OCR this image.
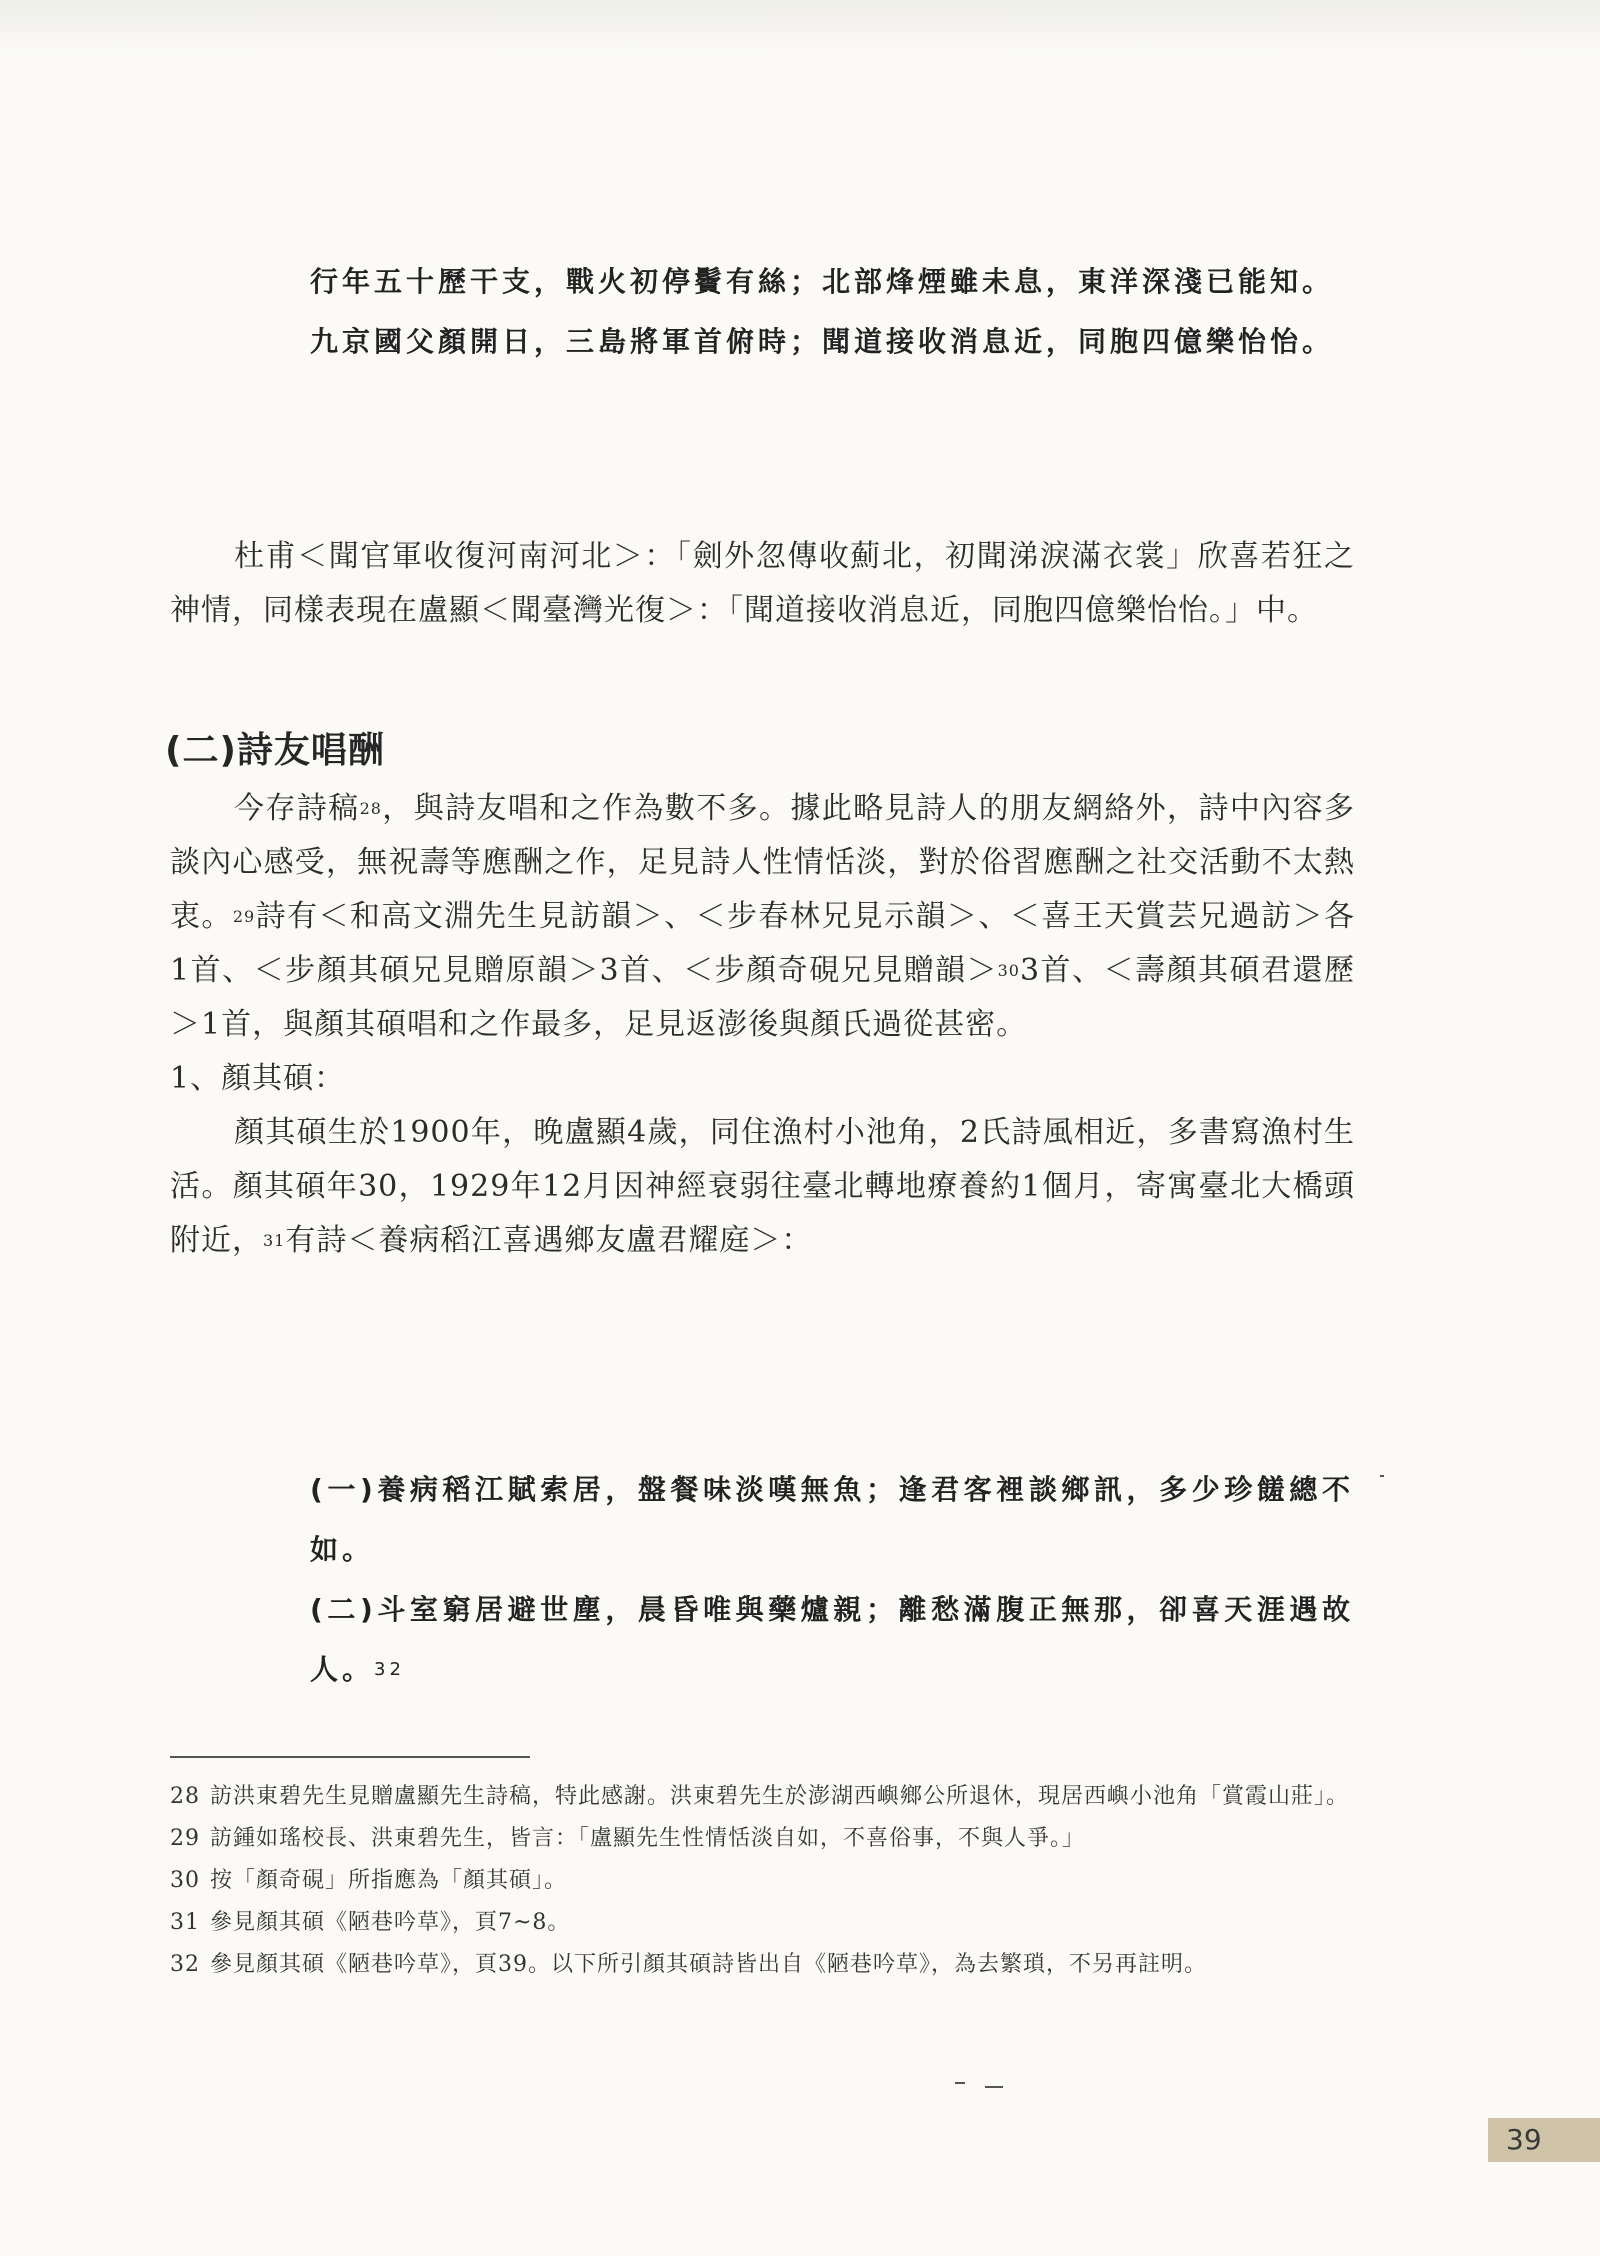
行年五十歷干支，戰火初停鬢有絲；北部烽煙雖未息，東洋深淺已能知。

九京國父顏開日，三島將軍首俯時；聞道接收消息近，同胞四億樂怡怡。

杜甫＜聞官軍收復河南河北＞：「劍外忽傳收薊北，初聞涕淚滿衣裳」欣喜若狂之神情，同樣表現在盧顯＜聞臺灣光復＞：「聞道接收消息近，同胞四億樂怡怡。」中。

(二)詩友唱酬

今存詩稿$^{28}$，與詩友唱和之作為數不多。據此略見詩人的朋友網絡外，詩中內容多談內心感受，無祝壽等應酬之作，足見詩人性情恬淡，對於俗習應酬之社交活動不太熱衷。$^{29}$詩有＜和高文淵先生見訪韻＞、＜步春林兄見示韻＞、＜喜王天賞芸兄過訪＞各1首、＜步顏其碩兄見贈原韻＞3首、＜步顏奇硯兄見贈韻＞$^{30}$3首、＜壽顏其碩君還歷＞1首，與顏其碩唱和之作最多，足見返澎後與顏氏過從甚密。

1、顏其碩：

顏其碩生於1900年，晚盧顯4歲，同住漁村小池角，2氏詩風相近，多書寫漁村生活。顏其碩年30，1929年12月因神經衰弱往臺北轉地療養約1個月，寄寓臺北大橋頭附近，$^{31}$有詩＜養病稻江喜遇鄉友盧君耀庭＞：

(一)養病稻江賦索居，盤餐味淡嘆無魚；逢君客裡談鄉訊，多少珍饈總不如。

(二)斗室窮居避世塵，晨昏唯與藥爐親；離愁滿腹正無那，卻喜天涯遇故人。$^{32}$

28 訪洪東碧先生見贈盧顯先生詩稿，特此感謝。洪東碧先生於澎湖西嶼鄉公所退休，現居西嶼小池角「賞霞山莊」。
29 訪鍾如瑤校長、洪東碧先生，皆言：「盧顯先生性情恬淡自如，不喜俗事，不與人爭。」
30 按「顏奇硯」所指應為「顏其碩」。
31 參見顏其碩《陋巷吟草》，頁7~8。
32 參見顏其碩《陋巷吟草》，頁39。以下所引顏其碩詩皆出自《陋巷吟草》，為去繁瑣，不另再註明。
39
